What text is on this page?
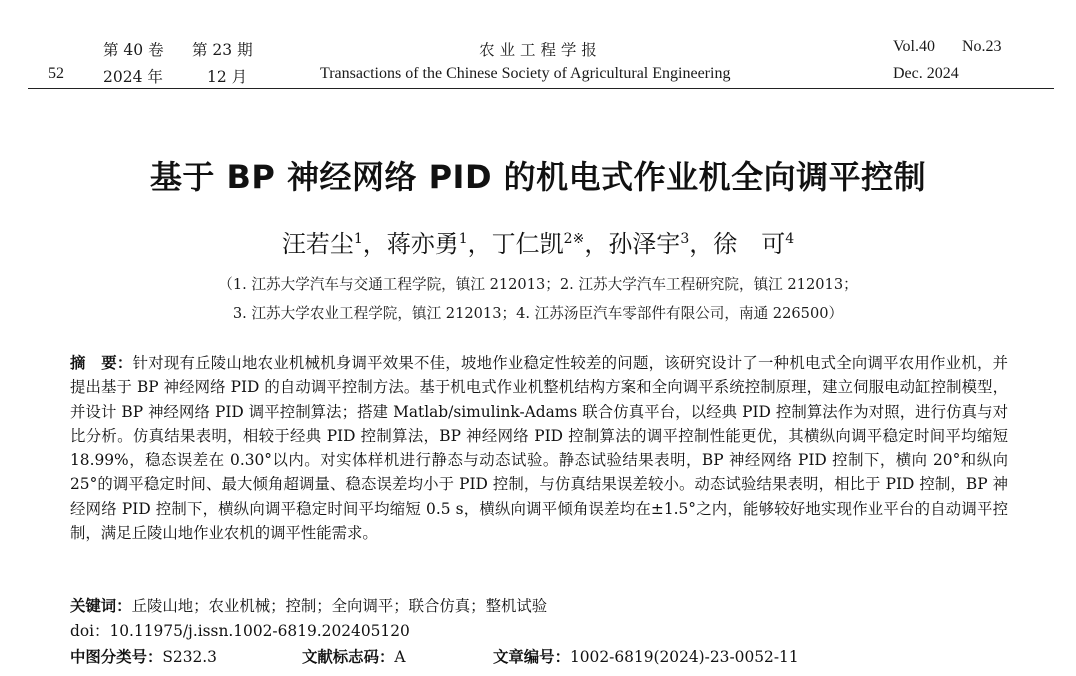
第 40 卷 第 23 期	农 业 工 程 学 报	Vol.40 No.23
52	2024 年	12 月	Transactions of the Chinese Society of Agricultural Engineering	Dec. 2024
基于 BP 神经网络 PID 的机电式作业机全向调平控制
汪若尘$^1$，蒋亦勇$^1$，丁仁凯$^{2※}$，孙泽宇$^3$，徐　可$^4$
（1. 江苏大学汽车与交通工程学院，镇江 212013；2. 江苏大学汽车工程研究院，镇江 212013；
3. 江苏大学农业工程学院，镇江 212013；4. 江苏汤臣汽车零部件有限公司，南通 226500）
摘　要：针对现有丘陵山地农业机械机身调平效果不佳，坡地作业稳定性较差的问题，该研究设计了一种机电式全向调平农用作业机，并提出基于 BP 神经网络 PID 的自动调平控制方法。基于机电式作业机整机结构方案和全向调平系统控制原理，建立伺服电动缸控制模型，并设计 BP 神经网络 PID 调平控制算法；搭建 Matlab/simulink-Adams 联合仿真平台，以经典 PID 控制算法作为对照，进行仿真与对比分析。仿真结果表明，相较于经典 PID 控制算法，BP 神经网络 PID 控制算法的调平控制性能更优，其横纵向调平稳定时间平均缩短 18.99%，稳态误差在 0.30°以内。对实体样机进行静态与动态试验。静态试验结果表明，BP 神经网络 PID 控制下，横向 20°和纵向 25°的调平稳定时间、最大倾角超调量、稳态误差均小于 PID 控制，与仿真结果误差较小。动态试验结果表明，相比于 PID 控制，BP 神经网络 PID 控制下，横纵向调平稳定时间平均缩短 0.5 s，横纵向调平倾角误差均在±1.5°之内，能够较好地实现作业平台的自动调平控制，满足丘陵山地作业农机的调平性能需求。
关键词：丘陵山地；农业机械；控制；全向调平；联合仿真；整机试验
doi：10.11975/j.issn.1002-6819.202405120
中图分类号：S232.3	文献标志码：A	文章编号：1002-6819(2024)-23-0052-11
